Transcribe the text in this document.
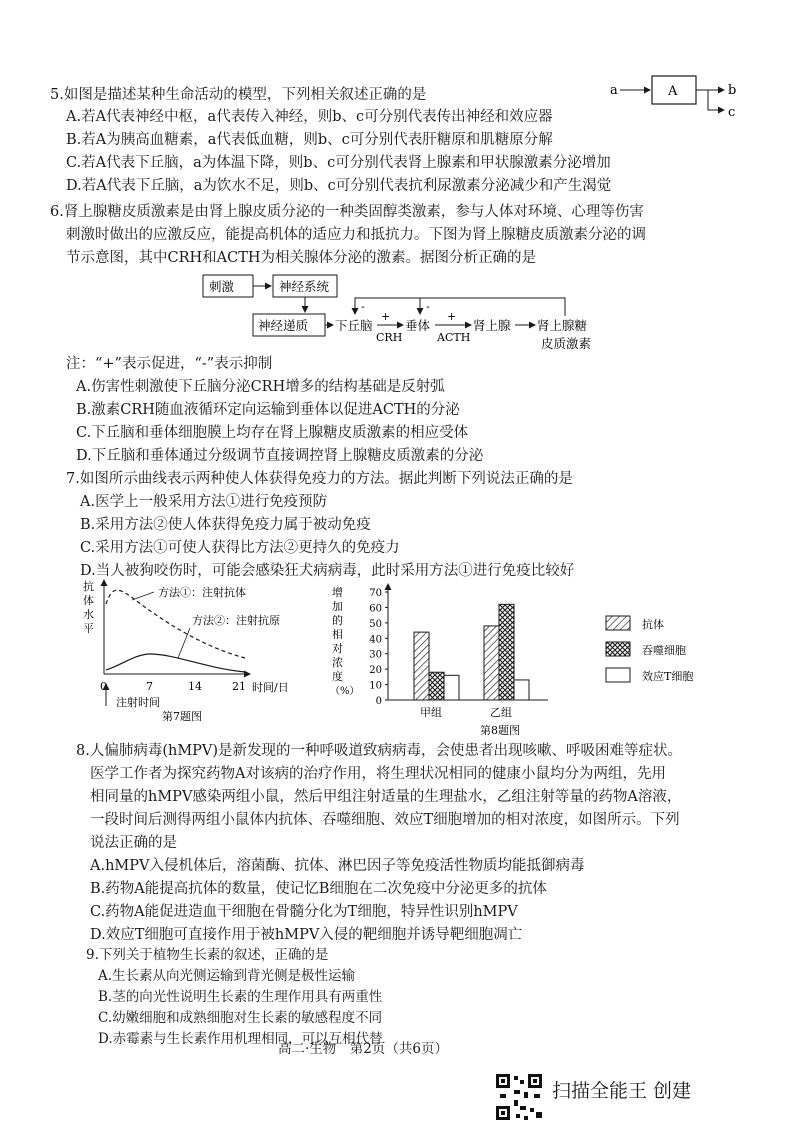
5.如图是描述某种生命活动的模型，下列相关叙述正确的是
A.若A代表神经中枢，a代表传入神经，则b、c可分别代表传出神经和效应器
B.若A为胰高血糖素，a代表低血糖，则b、c可分别代表肝糖原和肌糖原分解
C.若A代表下丘脑，a为体温下降，则b、c可分别代表肾上腺素和甲状腺激素分泌增加
D.若A代表下丘脑，a为饮水不足，则b、c可分别代表抗利尿激素分泌减少和产生渴觉
a	A	b
c
6.肾上腺糖皮质激素是由肾上腺皮质分泌的一种类固醇类激素，参与人体对环境、心理等伤害
刺激时做出的应激反应，能提高机体的适应力和抵抗力。下图为肾上腺糖皮质激素分泌的调
节示意图，其中CRH和ACTH为相关腺体分泌的激素。据图分析正确的是
刺激	神经系统
神经递质 下丘脑
+
CRH
垂体
+
ACTH
肾上腺 肾上腺糖
皮质激素
-	-
注：“+”表示促进，“-”表示抑制
A.伤害性刺激使下丘脑分泌CRH增多的结构基础是反射弧
B.激素CRH随血液循环定向运输到垂体以促进ACTH的分泌
C.下丘脑和垂体细胞膜上均存在肾上腺糖皮质激素的相应受体
D.下丘脑和垂体通过分级调节直接调控肾上腺糖皮质激素的分泌
7.如图所示曲线表示两种使人体获得免疫力的方法。据此判断下列说法正确的是
A.医学上一般采用方法①进行免疫预防
B.采用方法②使人体获得免疫力属于被动免疫
C.采用方法①可使人获得比方法②更持久的免疫力
D.当人被狗咬伤时，可能会感染狂犬病病毒，此时采用方法①进行免疫比较好
抗
体
水
平
时间/日
0	7	14	21
方法①：注射抗体
方法②：注射抗原
注射时间
第7题图
增
加
的
相
对
浓
度
（%）
0
10
20
30
40
50
60
70
甲组	乙组
抗体
吞噬细胞
效应T细胞
第8题图
8.人偏肺病毒(hMPV)是新发现的一种呼吸道致病病毒，会使患者出现咳嗽、呼吸困难等症状。
医学工作者为探究药物A对该病的治疗作用，将生理状况相同的健康小鼠均分为两组，先用
相同量的hMPV感染两组小鼠，然后甲组注射适量的生理盐水，乙组注射等量的药物A溶液，
一段时间后测得两组小鼠体内抗体、吞噬细胞、效应T细胞增加的相对浓度，如图所示。下列
说法正确的是
A.hMPV入侵机体后，溶菌酶、抗体、淋巴因子等免疫活性物质均能抵御病毒
B.药物A能提高抗体的数量，使记忆B细胞在二次免疫中分泌更多的抗体
C.药物A能促进造血干细胞在骨髓分化为T细胞，特异性识别hMPV
D.效应T细胞可直接作用于被hMPV入侵的靶细胞并诱导靶细胞凋亡
9.下列关于植物生长素的叙述，正确的是
A.生长素从向光侧运输到背光侧是极性运输
B.茎的向光性说明生长素的生理作用具有两重性
C.幼嫩细胞和成熟细胞对生长素的敏感程度不同
D.赤霉素与生长素作用机理相同，可以互相代替
高二·生物　第2页（共6页）
扫描全能王 创建
